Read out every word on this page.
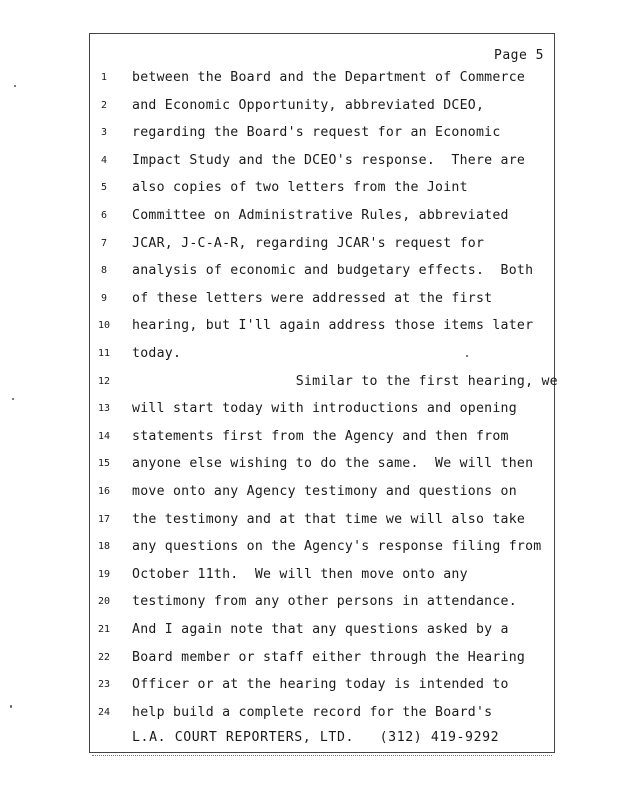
Page 5
1	between the Board and the Department of Commerce
2	and Economic Opportunity, abbreviated DCEO,
3	regarding the Board's request for an Economic
4	Impact Study and the DCEO's response.  There are
5	also copies of two letters from the Joint
6	Committee on Administrative Rules, abbreviated
7	JCAR, J-C-A-R, regarding JCAR's request for
8	analysis of economic and budgetary effects.  Both
9	of these letters were addressed at the first
10	hearing, but I'll again address those items later
11	today.
12	Similar to the first hearing, we
13	will start today with introductions and opening
14	statements first from the Agency and then from
15	anyone else wishing to do the same.  We will then
16	move onto any Agency testimony and questions on
17	the testimony and at that time we will also take
18	any questions on the Agency's response filing from
19	October 11th.  We will then move onto any
20	testimony from any other persons in attendance.
21	And I again note that any questions asked by a
22	Board member or staff either through the Hearing
23	Officer or at the hearing today is intended to
24	help build a complete record for the Board's
L.A. COURT REPORTERS, LTD.   (312) 419-9292
